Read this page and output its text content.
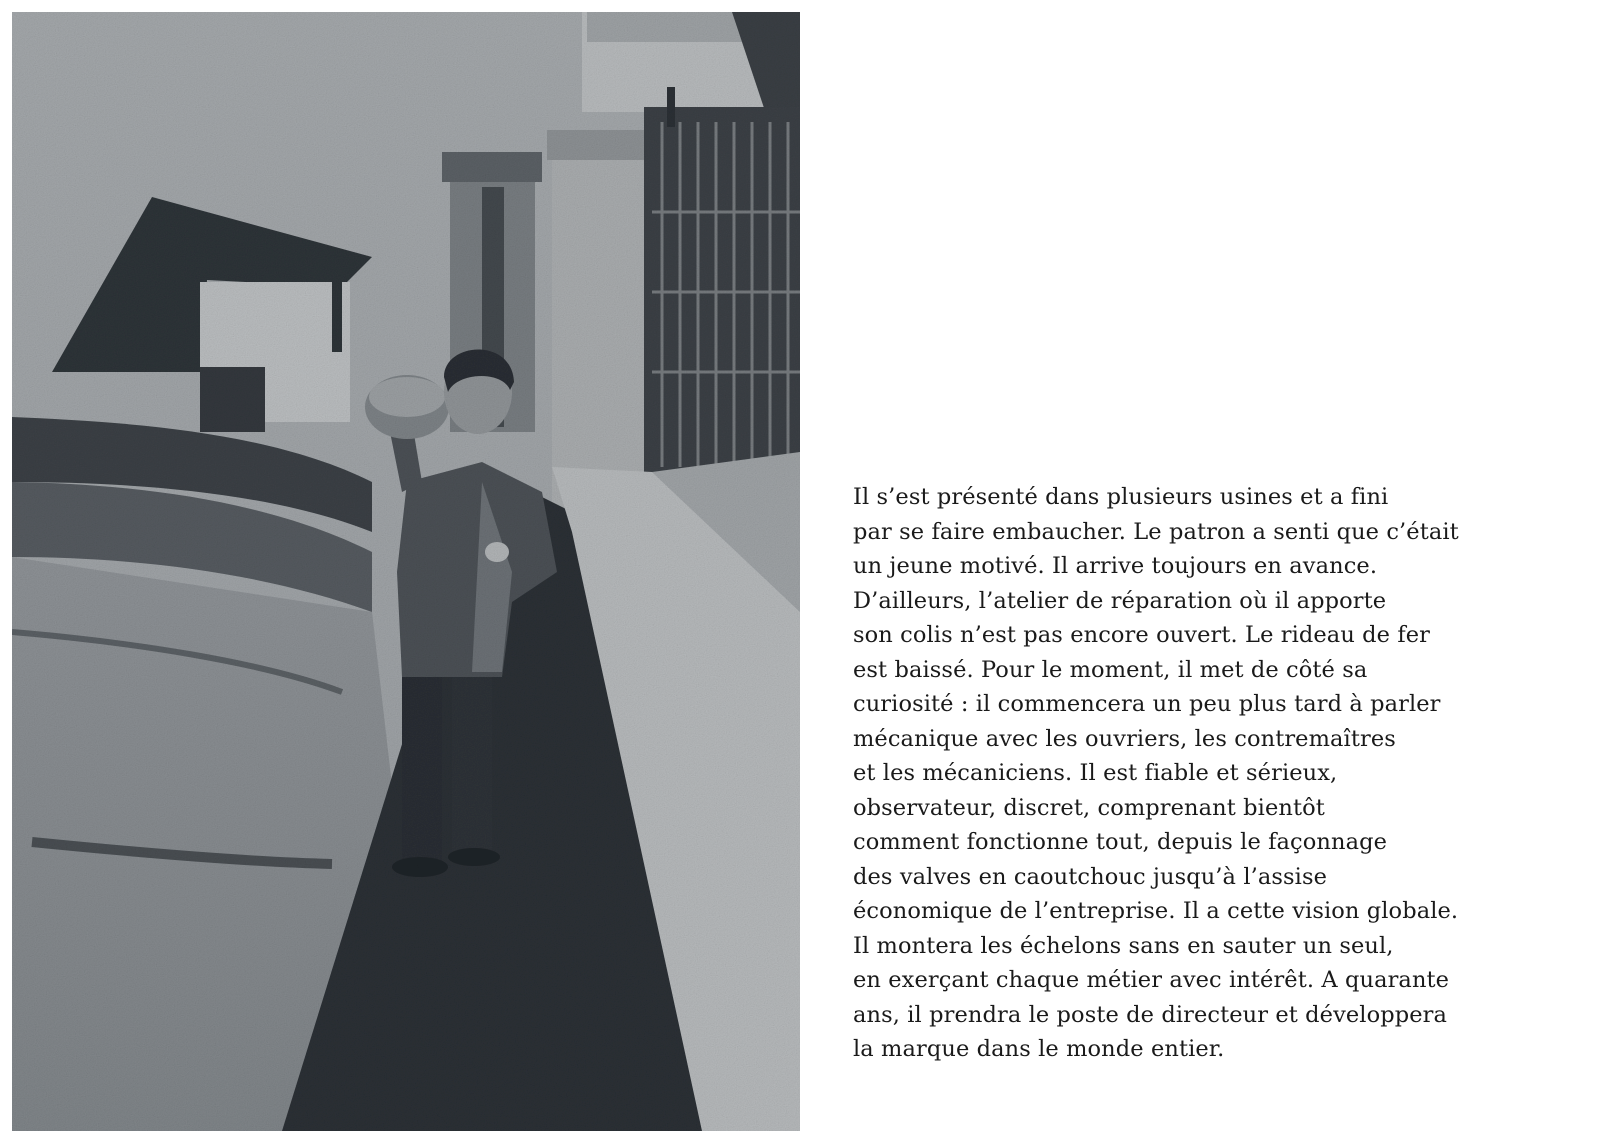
Il s’est présenté dans plusieurs usines et a fini
par se faire embaucher. Le patron a senti que c’était
un jeune motivé. Il arrive toujours en avance.
D’ailleurs, l’atelier de réparation où il apporte
son colis n’est pas encore ouvert. Le rideau de fer
est baissé. Pour le moment, il met de côté sa
curiosité : il commencera un peu plus tard à parler
mécanique avec les ouvriers, les contremaîtres
et les mécaniciens. Il est fiable et sérieux,
observateur, discret, comprenant bientôt
comment fonctionne tout, depuis le façonnage
des valves en caoutchouc jusqu’à l’assise
économique de l’entreprise. Il a cette vision globale.
Il montera les échelons sans en sauter un seul,
en exerçant chaque métier avec intérêt. A quarante
ans, il prendra le poste de directeur et développera
la marque dans le monde entier.
